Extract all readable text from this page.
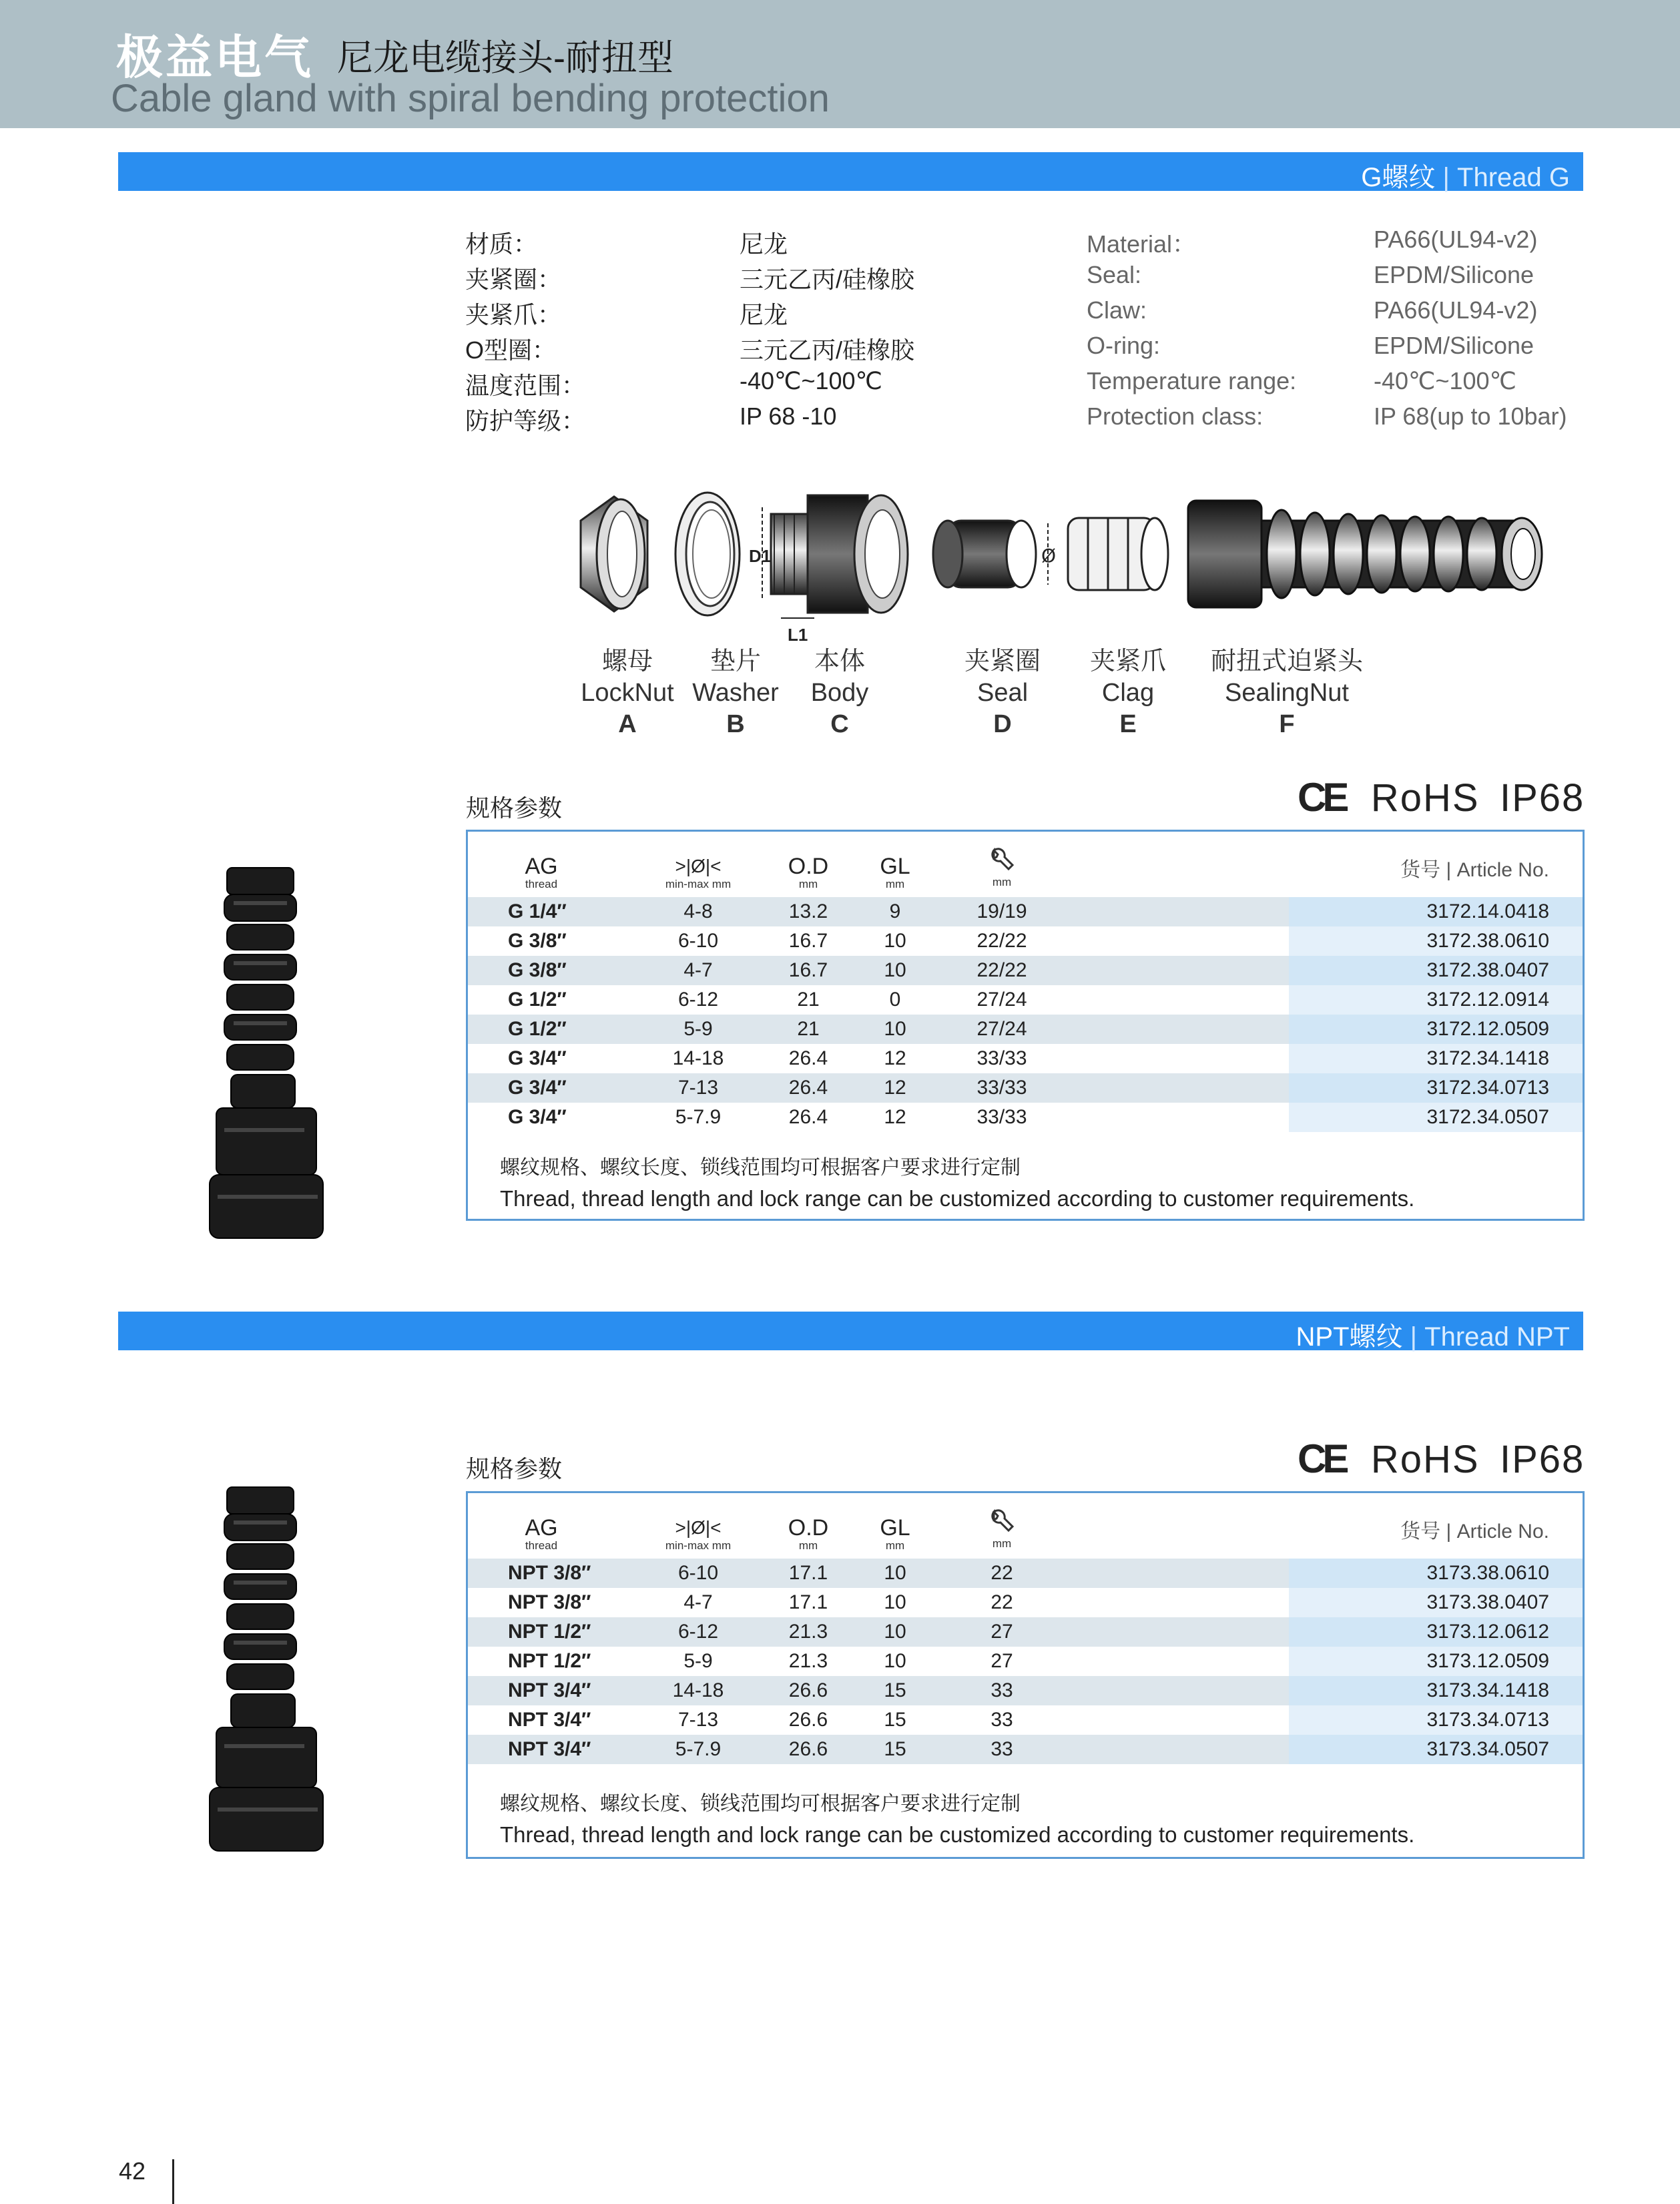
极益电气 尼龙电缆接头-耐扭型
Cable gland with spiral bending protection
G螺纹 | Thread G
材质：	尼龙	Material：	PA66(UL94-v2)
夹紧圈：	三元乙丙/硅橡胶	Seal:	EPDM/Silicone
夹紧爪：	尼龙	Claw:	PA66(UL94-v2)
O型圈：	三元乙丙/硅橡胶	O-ring:	EPDM/Silicone
温度范围：	-40℃~100℃	Temperature range:	-40℃~100℃
防护等级：	IP 68 -10	Protection class:	IP 68(up to 10bar)
D1
L1
Ø
螺母
LockNut
A
垫片
Washer
B
本体
Body
C
夹紧圈
Seal
D
夹紧爪
Clag
E
耐扭式迫紧头
SealingNut
F
规格参数	CE RoHS IP68
AG
thread
>|Ø|<
min-max mm
O.D
mm
GL
mm	mm
货号 | Article No.
G 1/4″	4-8	13.2	9	19/19	3172.14.0418
G 3/8″	6-10	16.7	10	22/22	3172.38.0610
G 3/8″	4-7	16.7	10	22/22	3172.38.0407
G 1/2″	6-12	21	0	27/24	3172.12.0914
G 1/2″	5-9	21	10	27/24	3172.12.0509
G 3/4″	14-18	26.4	12	33/33	3172.34.1418
G 3/4″	7-13	26.4	12	33/33	3172.34.0713
G 3/4″	5-7.9	26.4	12	33/33	3172.34.0507
螺纹规格、螺纹长度、锁线范围均可根据客户要求进行定制
Thread, thread length and lock range can be customized according to customer requirements.
NPT螺纹 | Thread NPT
规格参数	CE RoHS IP68
AG
thread
>|Ø|<
min-max mm
O.D
mm
GL
mm	mm
货号 | Article No.
NPT 3/8″	6-10	17.1	10	22	3173.38.0610
NPT 3/8″	4-7	17.1	10	22	3173.38.0407
NPT 1/2″	6-12	21.3	10	27	3173.12.0612
NPT 1/2″	5-9	21.3	10	27	3173.12.0509
NPT 3/4″	14-18	26.6	15	33	3173.34.1418
NPT 3/4″	7-13	26.6	15	33	3173.34.0713
NPT 3/4″	5-7.9	26.6	15	33	3173.34.0507
螺纹规格、螺纹长度、锁线范围均可根据客户要求进行定制
Thread, thread length and lock range can be customized according to customer requirements.
42
